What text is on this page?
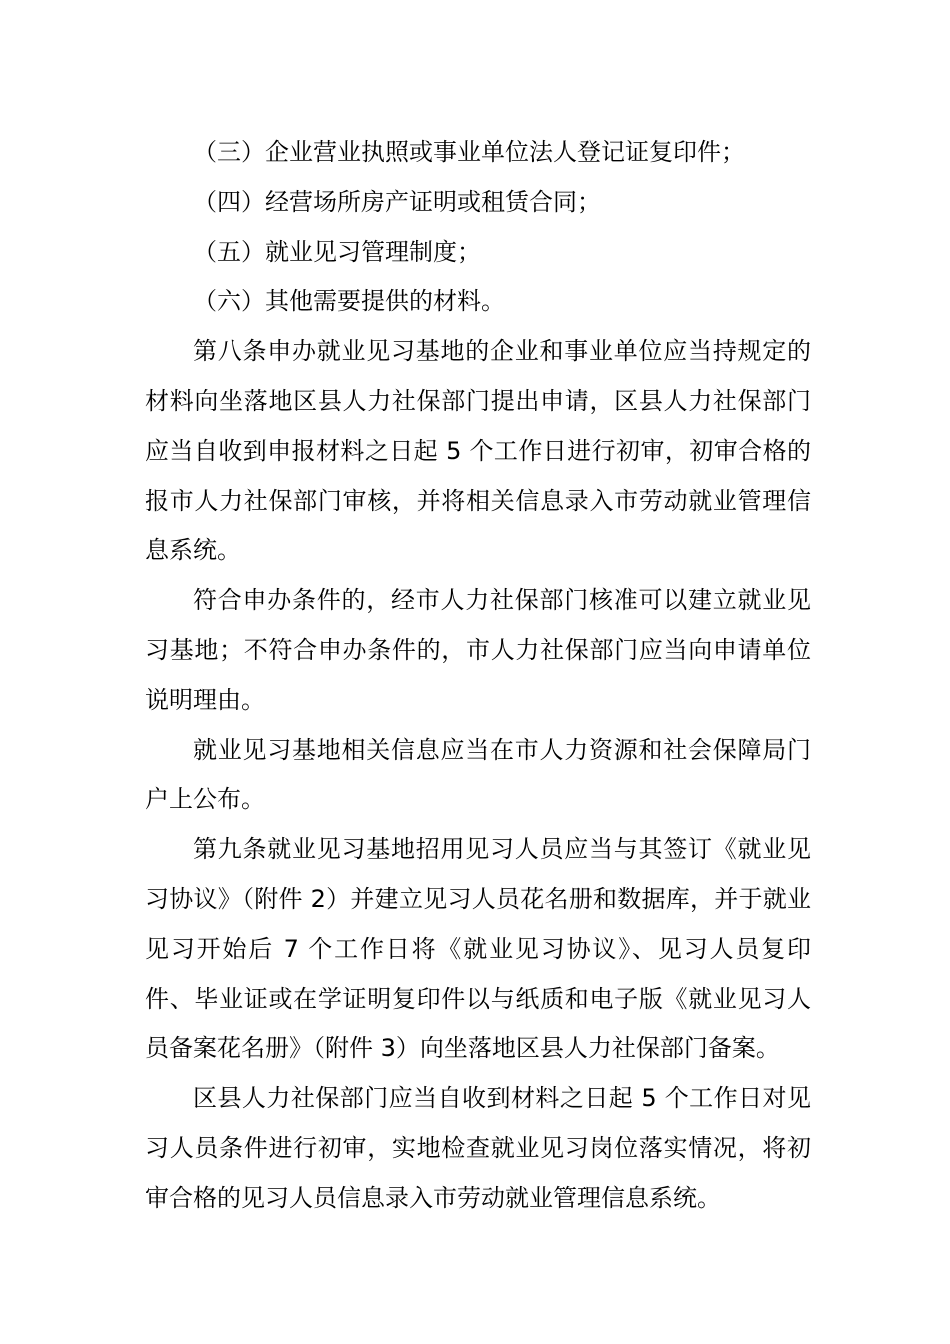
（三）企业营业执照或事业单位法人登记证复印件；

（四）经营场所房产证明或租赁合同；

（五）就业见习管理制度；

（六）其他需要提供的材料。

第八条申办就业见习基地的企业和事业单位应当持规定的材料向坐落地区县人力社保部门提出申请，区县人力社保部门应当自收到申报材料之日起 5 个工作日进行初审，初审合格的报市人力社保部门审核，并将相关信息录入市劳动就业管理信息系统。

符合申办条件的，经市人力社保部门核准可以建立就业见习基地；不符合申办条件的，市人力社保部门应当向申请单位说明理由。

就业见习基地相关信息应当在市人力资源和社会保障局门户上公布。

第九条就业见习基地招用见习人员应当与其签订《就业见习协议》（附件 2）并建立见习人员花名册和数据库，并于就业见习开始后 7 个工作日将《就业见习协议》、见习人员复印件、毕业证或在学证明复印件以与纸质和电子版《就业见习人员备案花名册》（附件 3）向坐落地区县人力社保部门备案。

区县人力社保部门应当自收到材料之日起 5 个工作日对见习人员条件进行初审，实地检查就业见习岗位落实情况，将初审合格的见习人员信息录入市劳动就业管理信息系统。
